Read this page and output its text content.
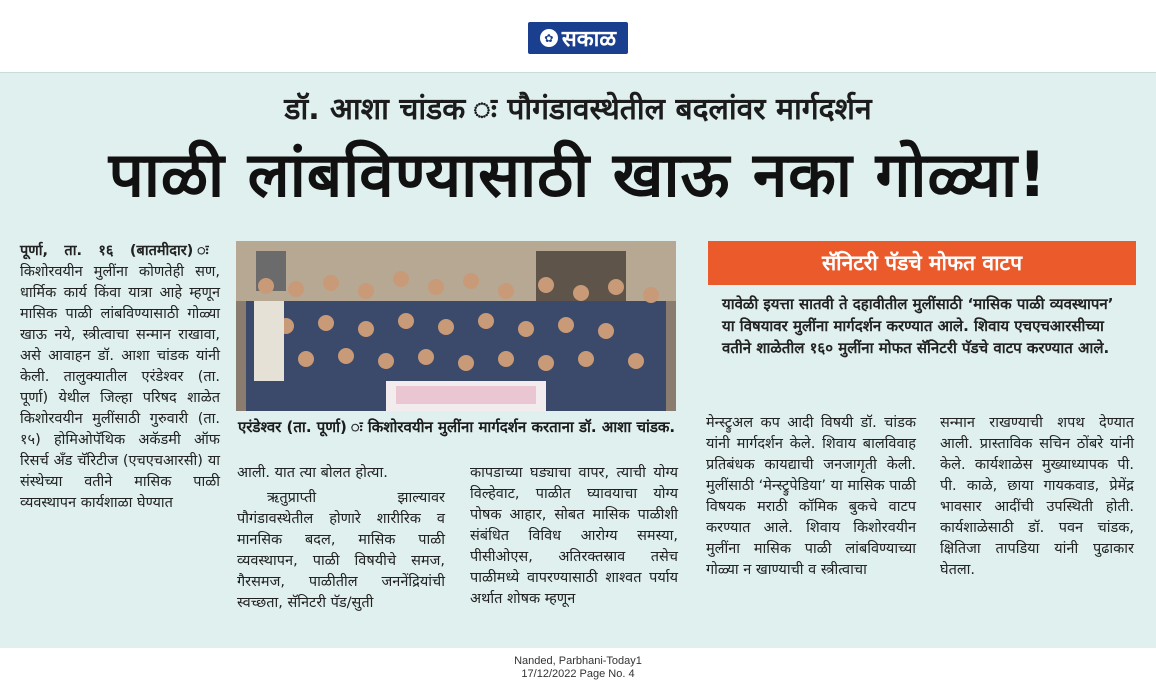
✿ सकाळ
डॉ. आशा चांडक ः पौगंडावस्थेतील बदलांवर मार्गदर्शन
पाळी लांबविण्यासाठी खाऊ नका गोळ्या!

पूर्णा, ता. १६ (बातमीदार) ः किशोरवयीन मुलींना कोणतेही सण, धार्मिक कार्य किंवा यात्रा आहे म्हणून मासिक पाळी लांबविण्यासाठी गोळ्या खाऊ नये, स्त्रीत्वाचा सन्मान राखावा, असे आवाहन डॉ. आशा चांडक यांनी केली. तालुक्यातील एरंडेश्वर (ता. पूर्णा) येथील जिल्हा परिषद शाळेत किशोरवयीन मुलींसाठी गुरुवारी (ता. १५) होमिओपॅथिक अकॅडमी ऑफ रिसर्च अँड चॅरिटीज (एचएचआरसी) या संस्थेच्या वतीने मासिक पाळी व्यवस्थापन कार्यशाळा घेण्यात

एरंडेश्वर (ता. पूर्णा) ः किशोरवयीन मुलींना मार्गदर्शन करताना डॉ. आशा चांडक.
सॅनिटरी पॅडचे मोफत वाटप
यावेळी इयत्ता सातवी ते दहावीतील मुलींसाठी ‘मासिक पाळी व्यवस्थापन’ या विषयावर मुलींना मार्गदर्शन करण्यात आले. शिवाय एचएचआरसीच्या वतीने शाळेतील १६० मुलींना मोफत सॅनिटरी पॅडचे वाटप करण्यात आले.

आली. यात त्या बोलत होत्या.

ऋतुप्राप्ती झाल्यावर पौगंडावस्थेतील होणारे शारीरिक व मानसिक बदल, मासिक पाळी व्यवस्थापन, पाळी विषयीचे समज, गैरसमज, पाळीतील जननेंद्रियांची स्वच्छता, सॅनिटरी पॅड/सुती

कापडाच्या घड्याचा वापर, त्याची योग्य विल्हेवाट, पाळीत घ्यावयाचा योग्य पोषक आहार, सोबत मासिक पाळीशी संबंधित विविध आरोग्य समस्या, पीसीओएस, अतिरक्तस्राव तसेच पाळीमध्ये वापरण्यासाठी शाश्वत पर्याय अर्थात शोषक म्हणून

मेन्स्ट्रुअल कप आदी विषयी डॉ. चांडक यांनी मार्गदर्शन केले. शिवाय बालविवाह प्रतिबंधक कायद्याची जनजागृती केली. मुलींसाठी ‘मेन्स्ट्रुपेडिया’ या मासिक पाळी विषयक मराठी कॉमिक बुकचे वाटप करण्यात आले. शिवाय किशोरवयीन मुलींना मासिक पाळी लांबविण्याच्या गोळ्या न खाण्याची व स्त्रीत्वाचा

सन्मान राखण्याची शपथ देण्यात आली. प्रास्ताविक सचिन ठोंबरे यांनी केले. कार्यशाळेस मुख्याध्यापक पी. पी. काळे, छाया गायकवाड, प्रेमेंद्र भावसार आदींची उपस्थिती होती. कार्यशाळेसाठी डॉ. पवन चांडक, क्षितिजा तापडिया यांनी पुढाकार घेतला.

Nanded, Parbhani-Today1
17/12/2022 Page No. 4
